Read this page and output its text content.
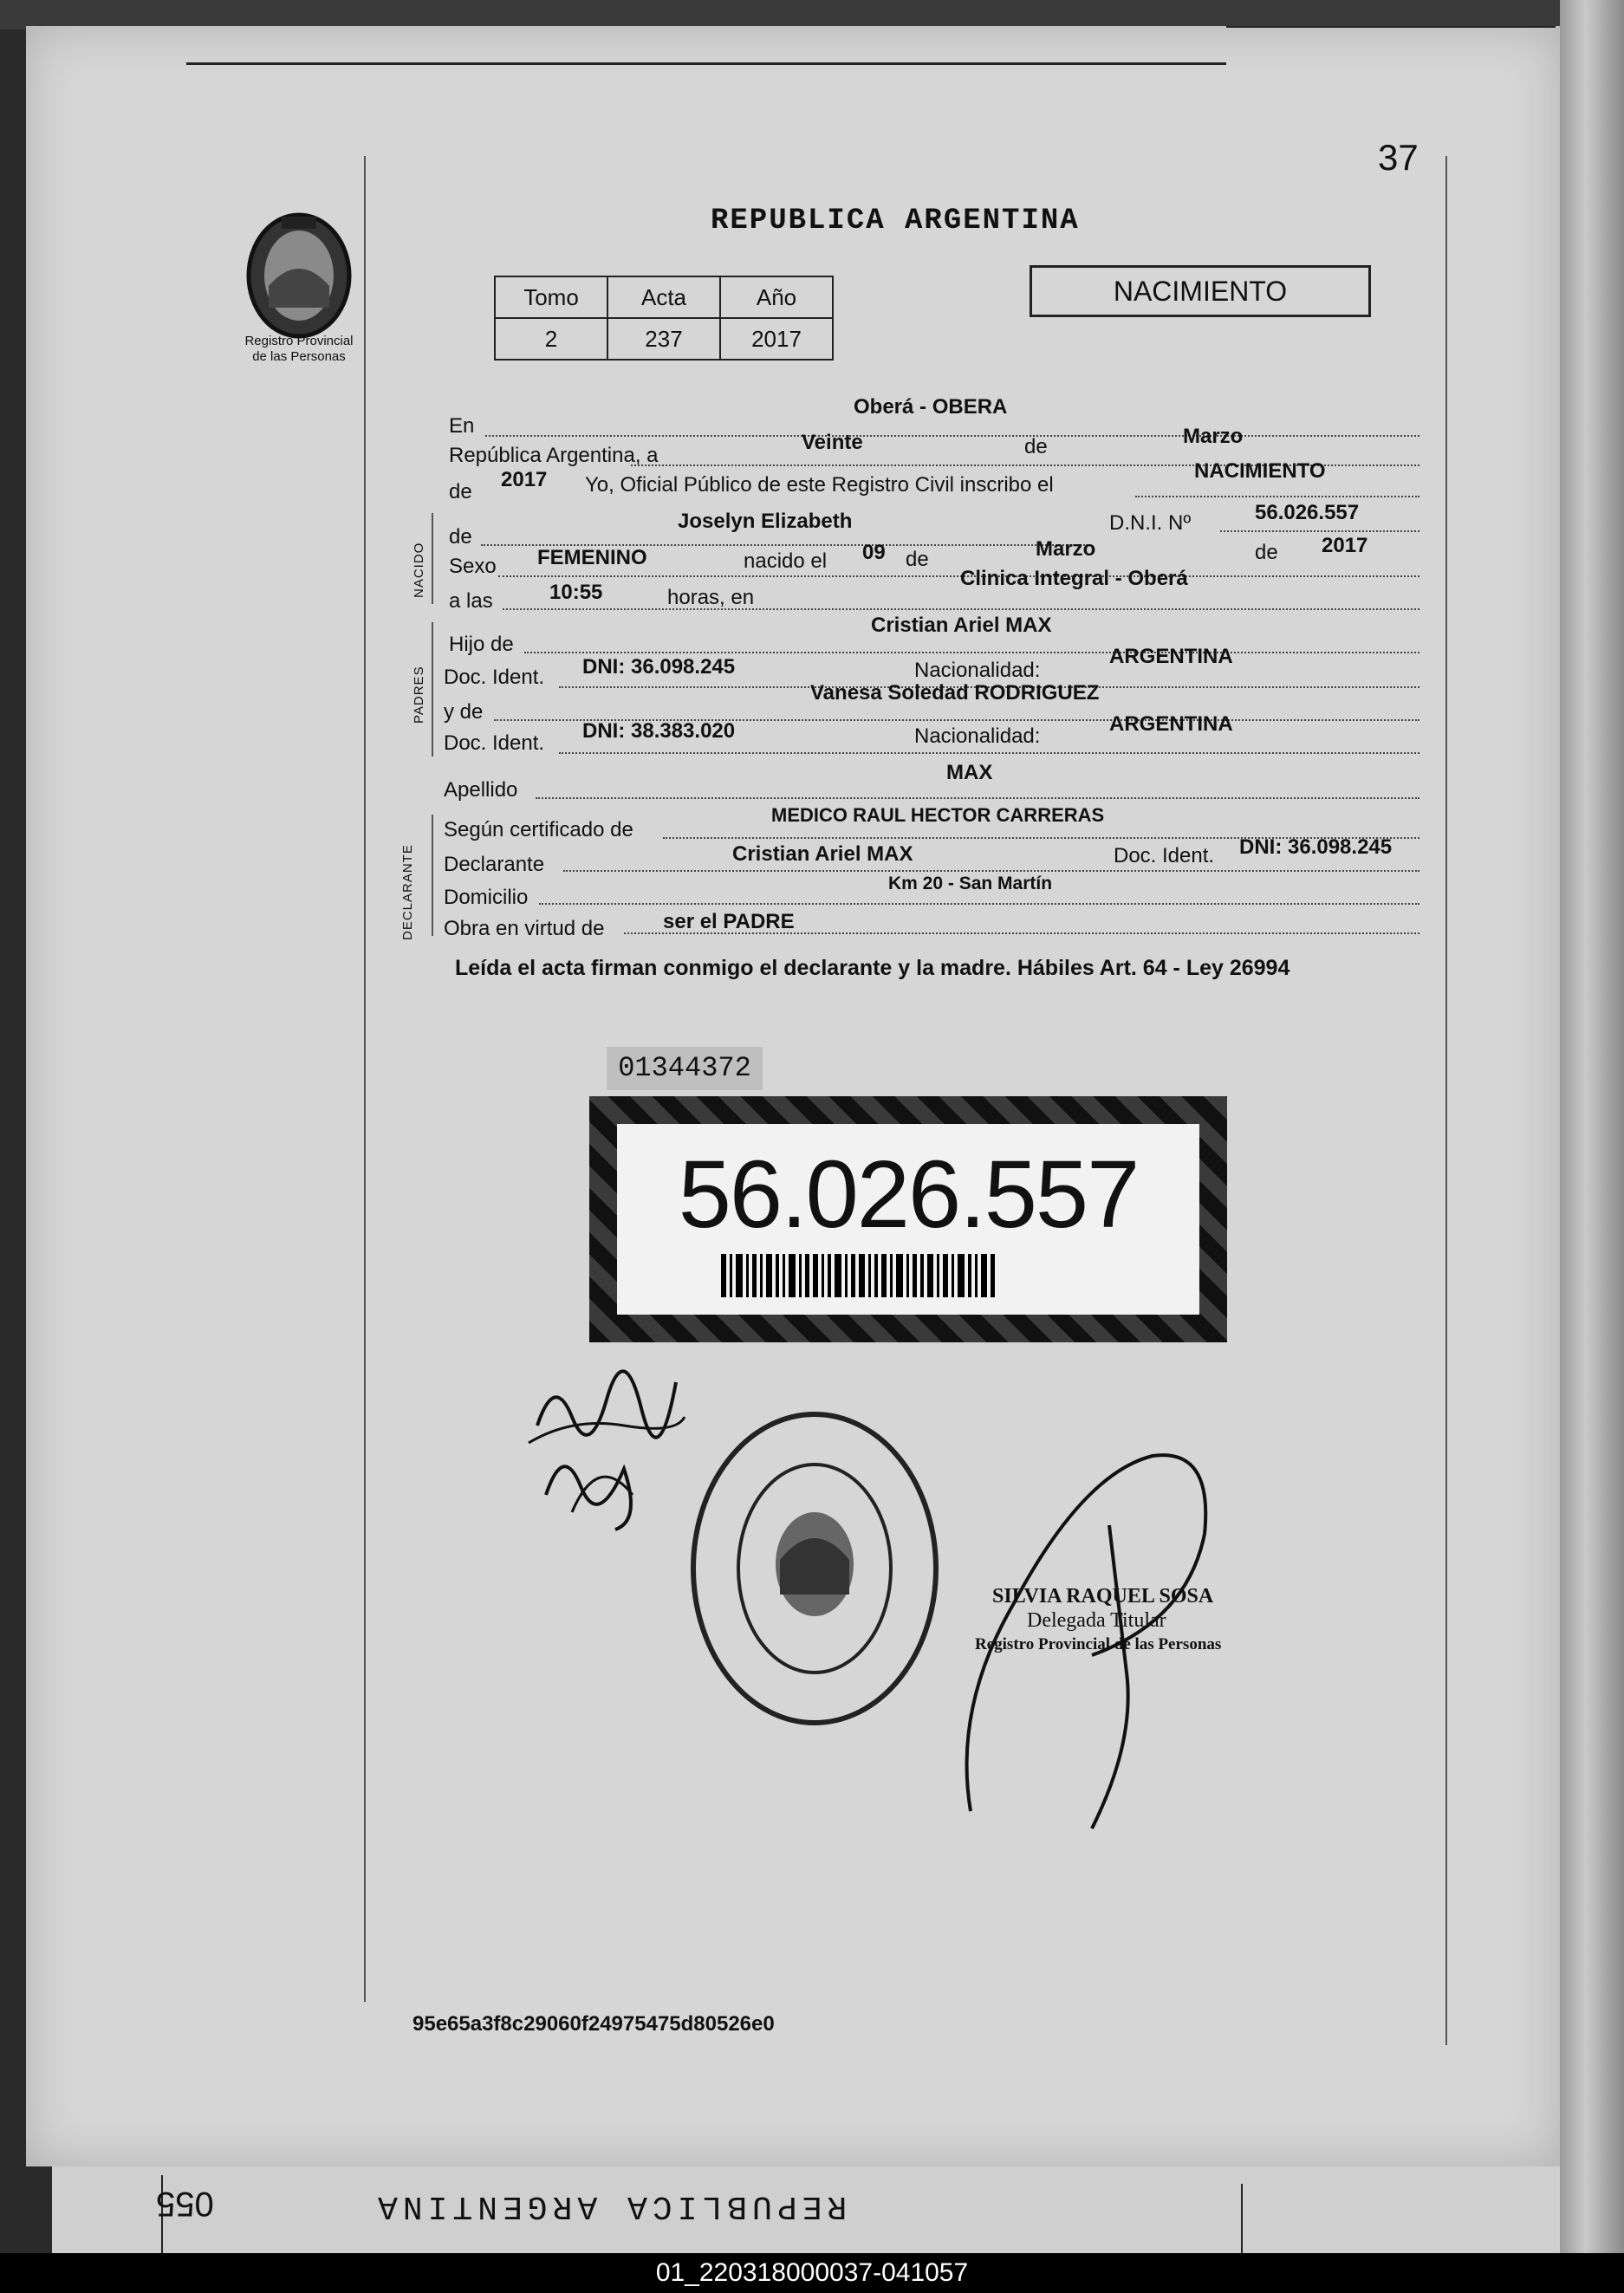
37
Registro Provincial
de las Personas
REPUBLICA ARGENTINA
Tomo	Acta	Año
2	237	2017
NACIMIENTO
En
Oberá - OBERA
República Argentina, a
Veinte	de	Marzo
de
2017 Yo, Oficial Público de este Registro Civil inscribo el
NACIMIENTO
NACIDO
de
Joselyn Elizabeth	D.N.I. Nº	56.026.557
Sexo FEMENINO	nacido el 09 de	Marzo	de 2017
a las	10:55	horas, en
Clinica Integral - Oberá
PADRES
Hijo de
Cristian Ariel MAX
Doc. Ident. DNI: 36.098.245	Nacionalidad:
ARGENTINA
y de
Vanesa Soledad RODRIGUEZ
Doc. Ident.
DNI: 38.383.020	Nacionalidad:
ARGENTINA
Apellido
MAX
DECLARANTE
Según certificado de
MEDICO RAUL HECTOR CARRERAS
Declarante	Cristian Ariel MAX	Doc. Ident. DNI: 36.098.245
Domicilio
Km 20 - San Martín
Obra en virtud de	ser el PADRE
Leída el acta firman conmigo el declarante y la madre. Hábiles Art. 64 - Ley 26994
01344372
56.026.557
SILVIA RAQUEL SOSA
Delegada Titular
Registro Provincial de las Personas
95e65a3f8c29060f24975475d80526e0
055	REPUBLICA ARGENTINA
01_220318000037-041057
